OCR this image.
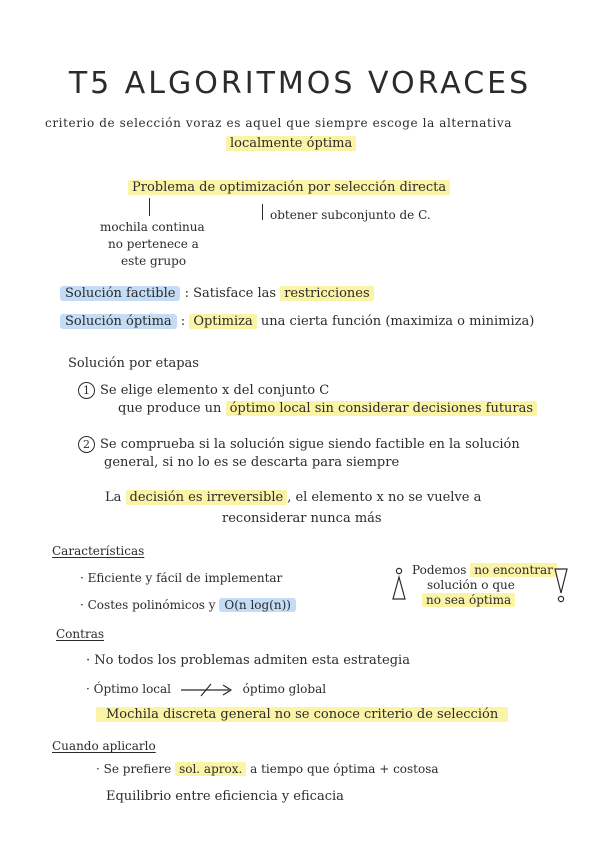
T5 ALGORITMOS VORACES
criterio de selección voraz es aquel que siempre escoge la alternativa
localmente óptima
Problema de optimización por selección directa
mochila continua
no pertenece a
este grupo
obtener subconjunto de C.
Solución factible : Satisface las restricciones
Solución óptima : Optimiza una cierta función (maximiza o minimiza)
Solución por etapas
1 Se elige elemento x del conjunto C
que produce un óptimo local sin considerar decisiones futuras
2 Se comprueba si la solución sigue siendo factible en la solución
general, si no lo es se descarta para siempre
La decisión es irreversible , el elemento x no se vuelve a
reconsiderar nunca más
Características
· Eficiente y fácil de implementar
· Costes polinómicos y O(n log(n))
Podemos no encontrar
solución o que
no sea óptima
Contras
· No todos los problemas admiten esta estrategia
· Óptimo local	óptimo global
Mochila discreta general no se conoce criterio de selección
Cuando aplicarlo
· Se prefiere sol. aprox. a tiempo que óptima + costosa
Equilibrio entre eficiencia y eficacia
